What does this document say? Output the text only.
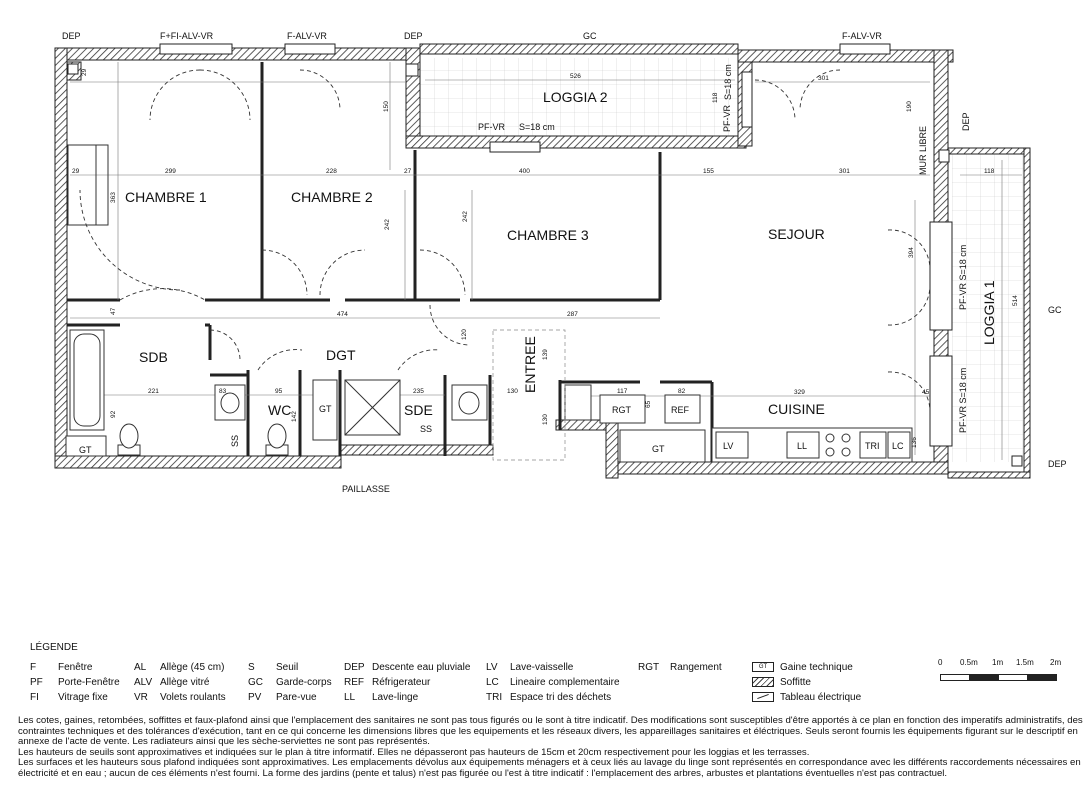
CHAMBRE 1	CHAMBRE 2
CHAMBRE 3	SEJOUR
LOGGIA 2
LOGGIA 1
SDB	DGT
WC	SDE
ENTREE
CUISINE
DEP	F+FI-ALV-VR	F-ALV-VR	DEP	GC	F-ALV-VR
DEP
GC
DEP
PF-VR S=18 cm	PF-VR
S=18 cm
MUR LIBRE
PF-VR S=18 cm
PF-VR S=18 cm
PAILLASSE
GT
GT
GT
SS
SS
RGT	REF
LV	LL	TRI LC
526	301
118
190
29
150
299
29	228	27	400	155	301	118
363
242
242
394
514
47	474	287
120
139
221	83	95	235	130	117	82	329	45
65
92	142	130
136
LÉGENDE
F Fenêtre
PF Porte-Fenêtre
FI Vitrage fixe
AL Allège (45 cm)
ALV Allège vitré
VR Volets roulants
S Seuil
GC Garde-corps
PV Pare-vue
DEP Descente eau pluviale
REF Réfrigerateur
LL Lave-linge
LV Lave-vaisselle
LC Lineaire complementaire
TRI Espace tri des déchets
RGT Rangement	GT Gaine technique
Soffitte
Tableau électrique
0 0.5m 1m 1.5m 2m

Les cotes, gaines, retombées, soffittes et faux-plafond ainsi que l'emplacement des sanitaires ne sont pas tous figurés ou le sont à titre indicatif. Des modifications sont susceptibles d'être apportés à ce plan en fonction des imperatifs administratifs, des contraintes techniques et des tolérances d'exécution, tant en ce qui concerne les dimensions libres que les equipements et les réseaux divers, les appareillages sanitaires et éléctriques. Seuls seront fournis les équipements figurant sur le descriptif en annexe de l'acte de vente. Les radiateurs ainsi que les sèche-serviettes ne sont pas représentés.

Les hauteurs de seuils sont approximatives et indiquées sur le plan à titre informatif. Elles ne dépasseront pas hauteurs de 15cm et 20cm respectivement pour les loggias et les terrasses.

Les surfaces et les hauteurs sous plafond indiquées sont approximatives. Les emplacements dévolus aux équipements ménagers et à ceux liés au lavage du linge sont représentés en correspondance avec les différents raccordements nécessaires en électricité et en eau ; aucun de ces éléments n'est fourni. La forme des jardins (pente et talus) n'est pas figurée ou l'est à titre indicatif : l'emplacement des arbres, arbustes et plantations éventuelles n'est pas contractuel.
